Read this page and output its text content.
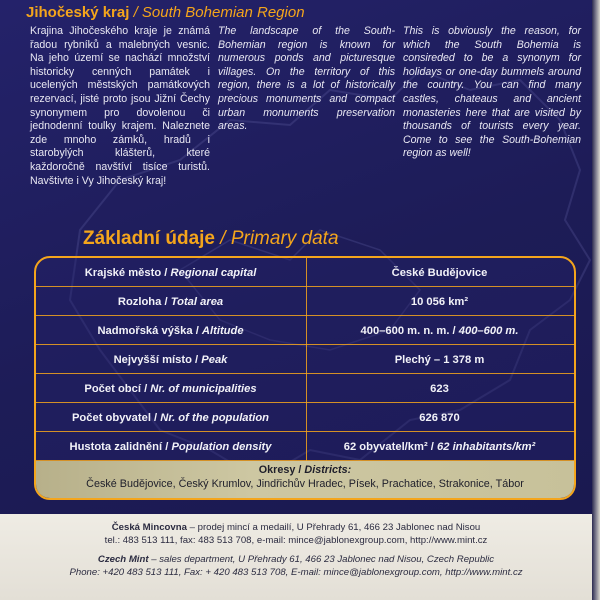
Jihočeský kraj / South Bohemian Region

Krajina Jihočeského kraje je známá řadou rybníků a malebných vesnic. Na jeho území se nachází množství historicky cenných památek i ucelených městských památkových rezervací, jisté proto jsou Jižní Čechy synonymem pro dovolenou či jednodenní toulky krajem. Naleznete zde mnoho zámků, hradů i starobylých klášterů, které každoročně navštíví tisíce turistů. Navštivte i Vy Jihočeský kraj!

The landscape of the South-Bohemian region is known for numerous ponds and picturesque villages. On the territory of this region, there is a lot of historically precious monuments and compact urban monuments preservation areas.

This is obviously the reason, for which the South Bohemia is consireded to be a synonym for holidays or one-day bummels around the country. You can find many castles, chateaus and ancient monasteries here that are visited by thousands of tourists every year. Come to see the South-Bohemian region as well!

Základní údaje / Primary data
Krajské město / Regional capital	České Budějovice
Rozloha / Total area	10 056 km²
Nadmořská výška / Altitude	400–600 m. n. m. / 400–600 m.
Nejvyšší místo / Peak	Plechý – 1 378 m
Počet obcí / Nr. of municipalities	623
Počet obyvatel / Nr. of the population	626 870
Hustota zalidnění / Population density	62 obyvatel/km² / 62 inhabitants/km²
Okresy / Districts:
České Budějovice, Český Krumlov, Jindřichův Hradec, Písek, Prachatice, Strakonice, Tábor
Česká Mincovna – prodej mincí a medailí, U Přehrady 61, 466 23 Jablonec nad Nisou
tel.: 483 513 111, fax: 483 513 708, e-mail: mince@jablonexgroup.com, http://www.mint.cz
Czech Mint – sales department, U Přehrady 61, 466 23 Jablonec nad Nisou, Czech Republic
Phone: +420 483 513 111, Fax: + 420 483 513 708, E-mail: mince@jablonexgroup.com, http://www.mint.cz
